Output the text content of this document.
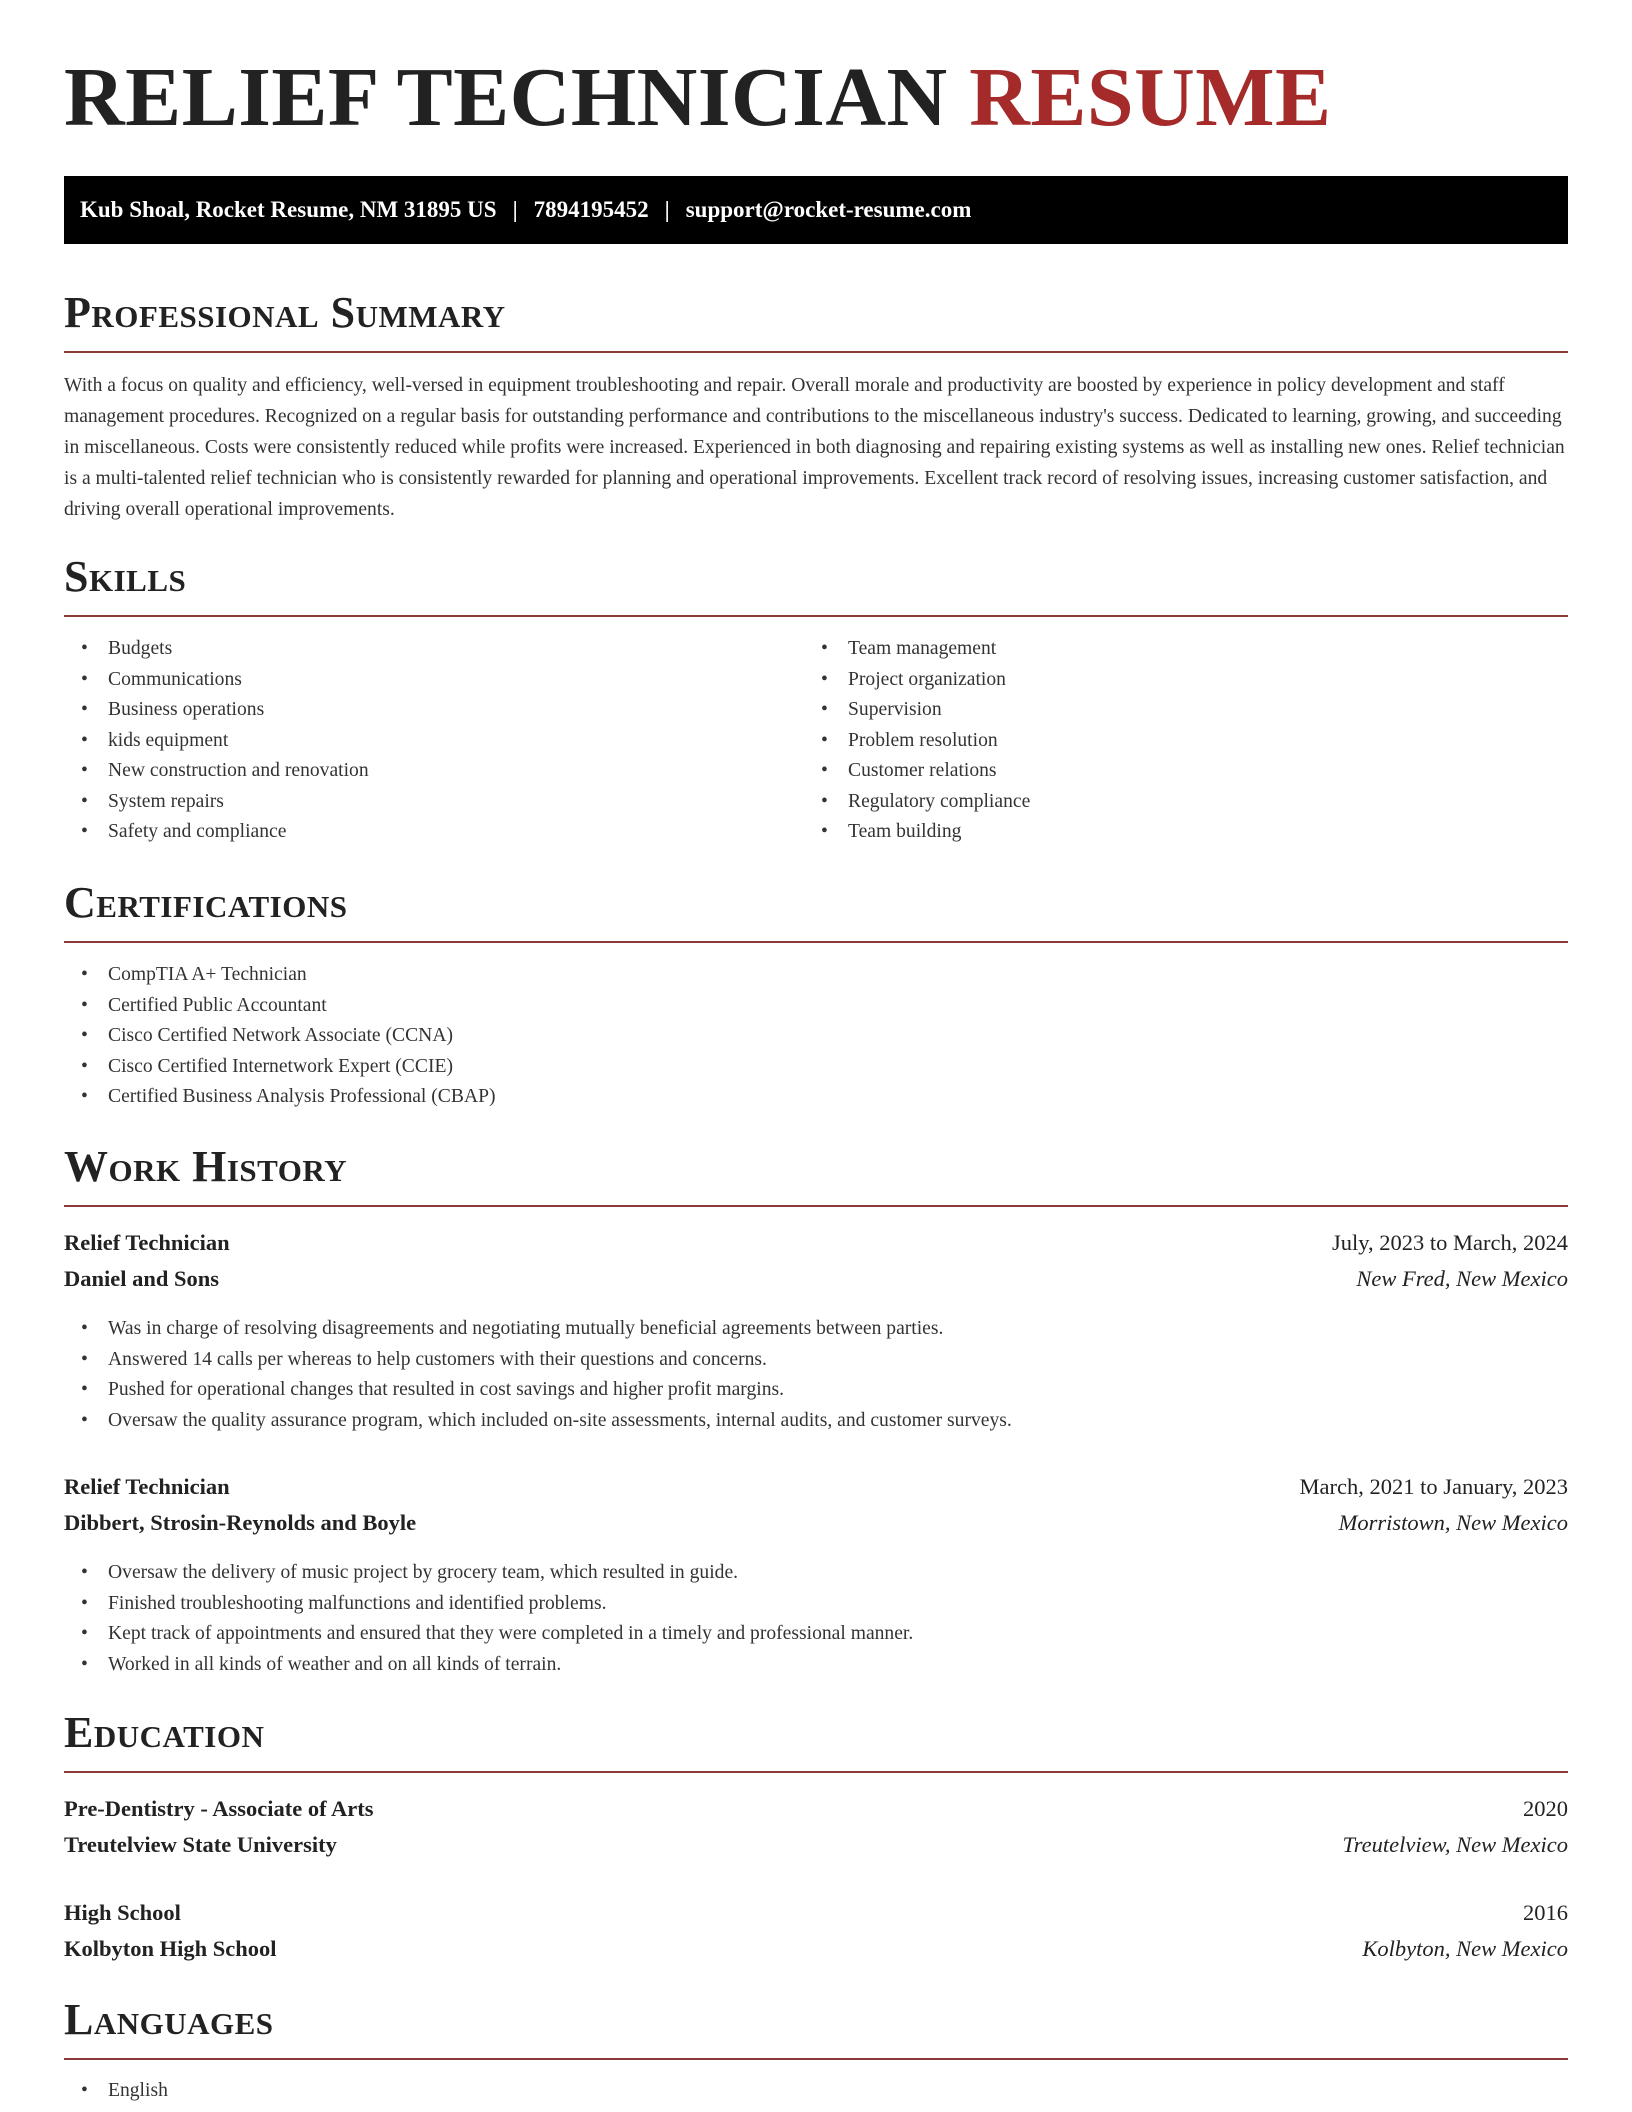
RELIEF TECHNICIAN RESUME
Kub Shoal, Rocket Resume, NM 31895 US | 7894195452 | support@rocket-resume.com
Professional Summary

With a focus on quality and efficiency, well-versed in equipment troubleshooting and repair. Overall morale and productivity are boosted by experience in policy development and staff management procedures. Recognized on a regular basis for outstanding performance and contributions to the miscellaneous industry's success. Dedicated to learning, growing, and succeeding in miscellaneous. Costs were consistently reduced while profits were increased. Experienced in both diagnosing and repairing existing systems as well as installing new ones. Relief technician is a multi-talented relief technician who is consistently rewarded for planning and operational improvements. Excellent track record of resolving issues, increasing customer satisfaction, and driving overall operational improvements.

Skills
• Budgets
• Communications
• Business operations
• kids equipment
• New construction and renovation
• System repairs
• Safety and compliance
• Team management
• Project organization
• Supervision
• Problem resolution
• Customer relations
• Regulatory compliance
• Team building
Certifications
• CompTIA A+ Technician
• Certified Public Accountant
• Cisco Certified Network Associate (CCNA)
• Cisco Certified Internetwork Expert (CCIE)
• Certified Business Analysis Professional (CBAP)
Work History
Relief Technician	July, 2023 to March, 2024
Daniel and Sons	New Fred, New Mexico
• Was in charge of resolving disagreements and negotiating mutually beneficial agreements between parties.
• Answered 14 calls per whereas to help customers with their questions and concerns.
• Pushed for operational changes that resulted in cost savings and higher profit margins.
• Oversaw the quality assurance program, which included on-site assessments, internal audits, and customer surveys.
Relief Technician	March, 2021 to January, 2023
Dibbert, Strosin-Reynolds and Boyle	Morristown, New Mexico
• Oversaw the delivery of music project by grocery team, which resulted in guide.
• Finished troubleshooting malfunctions and identified problems.
• Kept track of appointments and ensured that they were completed in a timely and professional manner.
• Worked in all kinds of weather and on all kinds of terrain.
Education
Pre-Dentistry - Associate of Arts	2020
Treutelview State University	Treutelview, New Mexico
High School	2016
Kolbyton High School	Kolbyton, New Mexico
Languages
• English
